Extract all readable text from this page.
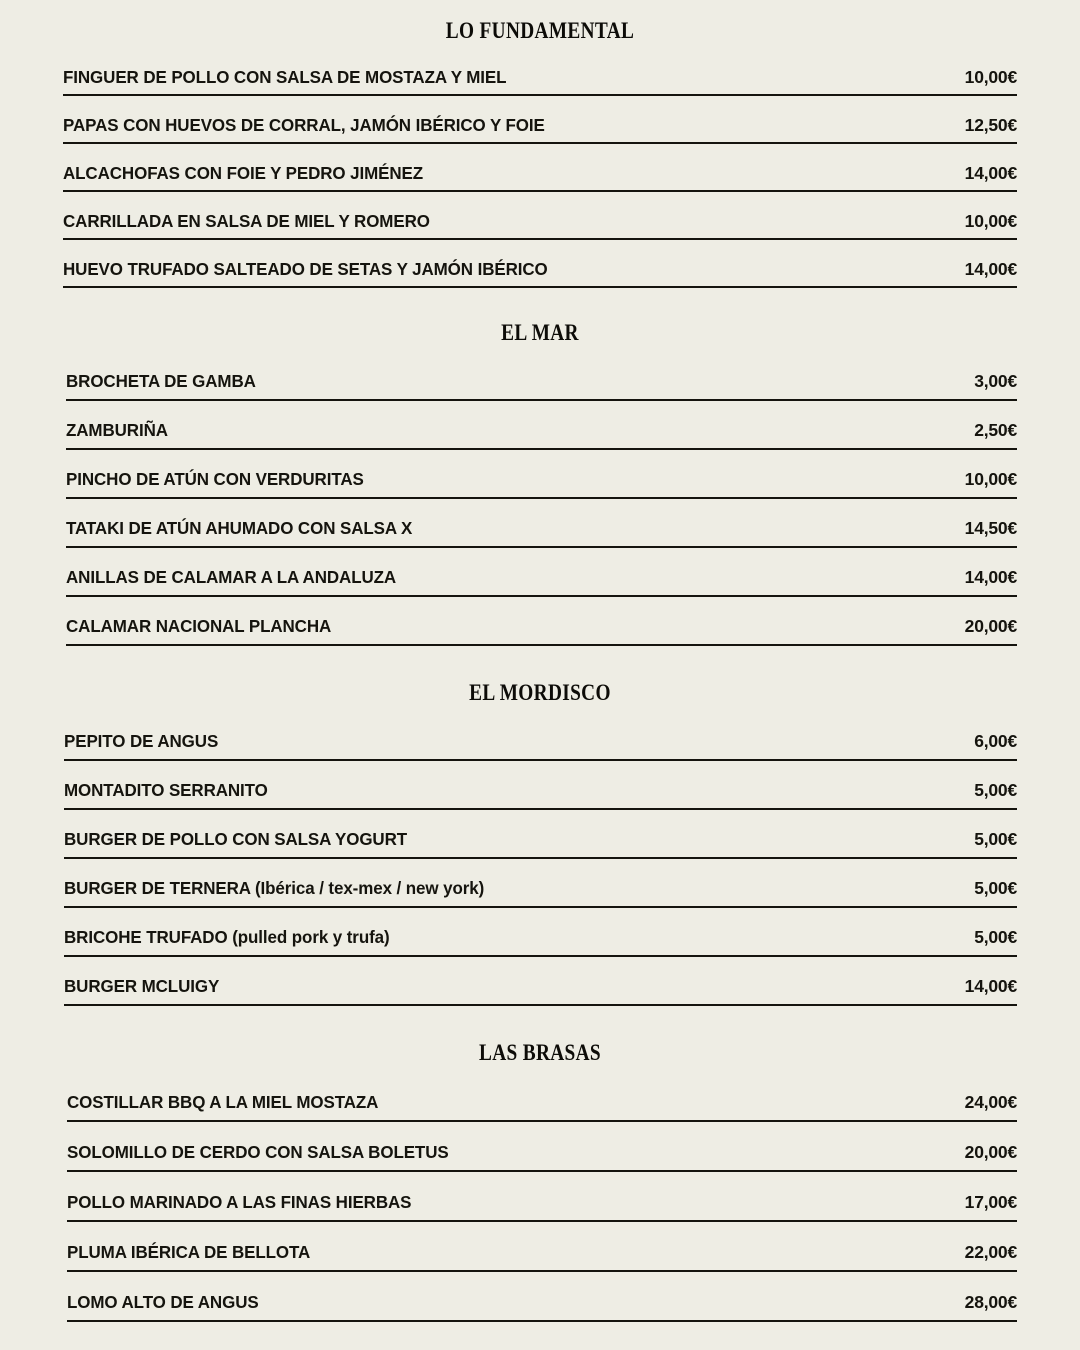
LO FUNDAMENTAL
FINGUER DE POLLO CON SALSA DE MOSTAZA Y MIEL	10,00€
PAPAS CON HUEVOS DE CORRAL, JAMÓN IBÉRICO Y FOIE	12,50€
ALCACHOFAS CON FOIE Y PEDRO JIMÉNEZ	14,00€
CARRILLADA EN SALSA DE MIEL Y ROMERO	10,00€
HUEVO TRUFADO SALTEADO DE SETAS Y JAMÓN IBÉRICO	14,00€
EL MAR
BROCHETA DE GAMBA	3,00€
ZAMBURIÑA	2,50€
PINCHO DE ATÚN CON VERDURITAS	10,00€
TATAKI DE ATÚN AHUMADO CON SALSA X	14,50€
ANILLAS DE CALAMAR A LA ANDALUZA	14,00€
CALAMAR NACIONAL PLANCHA	20,00€
EL MORDISCO
PEPITO DE ANGUS	6,00€
MONTADITO SERRANITO	5,00€
BURGER DE POLLO CON SALSA YOGURT	5,00€
BURGER DE TERNERA (Ibérica / tex-mex / new york)	5,00€
BRICOHE TRUFADO (pulled pork y trufa)	5,00€
BURGER MCLUIGY	14,00€
LAS BRASAS
COSTILLAR BBQ A LA MIEL MOSTAZA	24,00€
SOLOMILLO DE CERDO CON SALSA BOLETUS	20,00€
POLLO MARINADO A LAS FINAS HIERBAS	17,00€
PLUMA IBÉRICA DE BELLOTA	22,00€
LOMO ALTO DE ANGUS	28,00€
